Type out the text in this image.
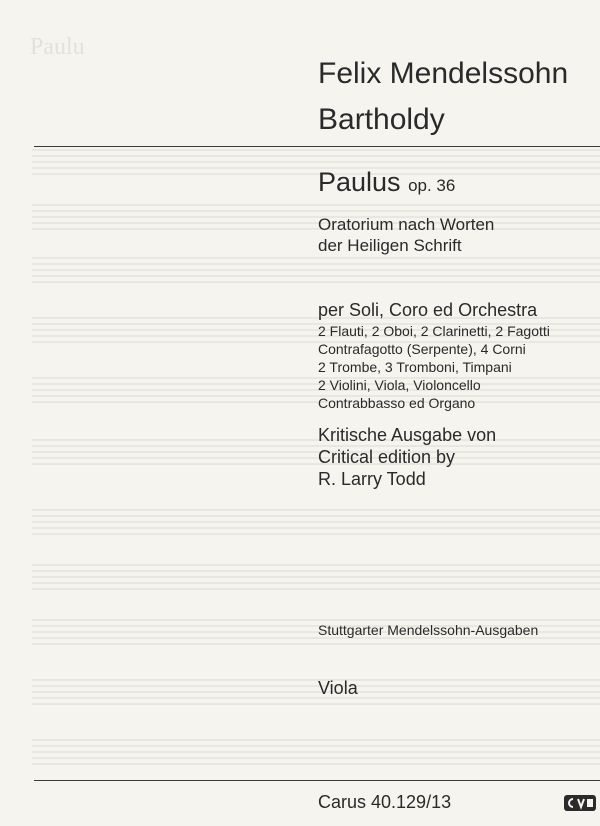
Paulu
Felix Mendelssohn
Bartholdy
Paulus op. 36
Oratorium nach Worten
der Heiligen Schrift
per Soli, Coro ed Orchestra
2 Flauti, 2 Oboi, 2 Clarinetti, 2 Fagotti
Contrafagotto (Serpente), 4 Corni
2 Trombe, 3 Tromboni, Timpani
2 Violini, Viola, Violoncello
Contrabbasso ed Organo
Kritische Ausgabe von
Critical edition by
R. Larry Todd
Stuttgarter Mendelssohn-Ausgaben
Viola
Carus 40.129/13
